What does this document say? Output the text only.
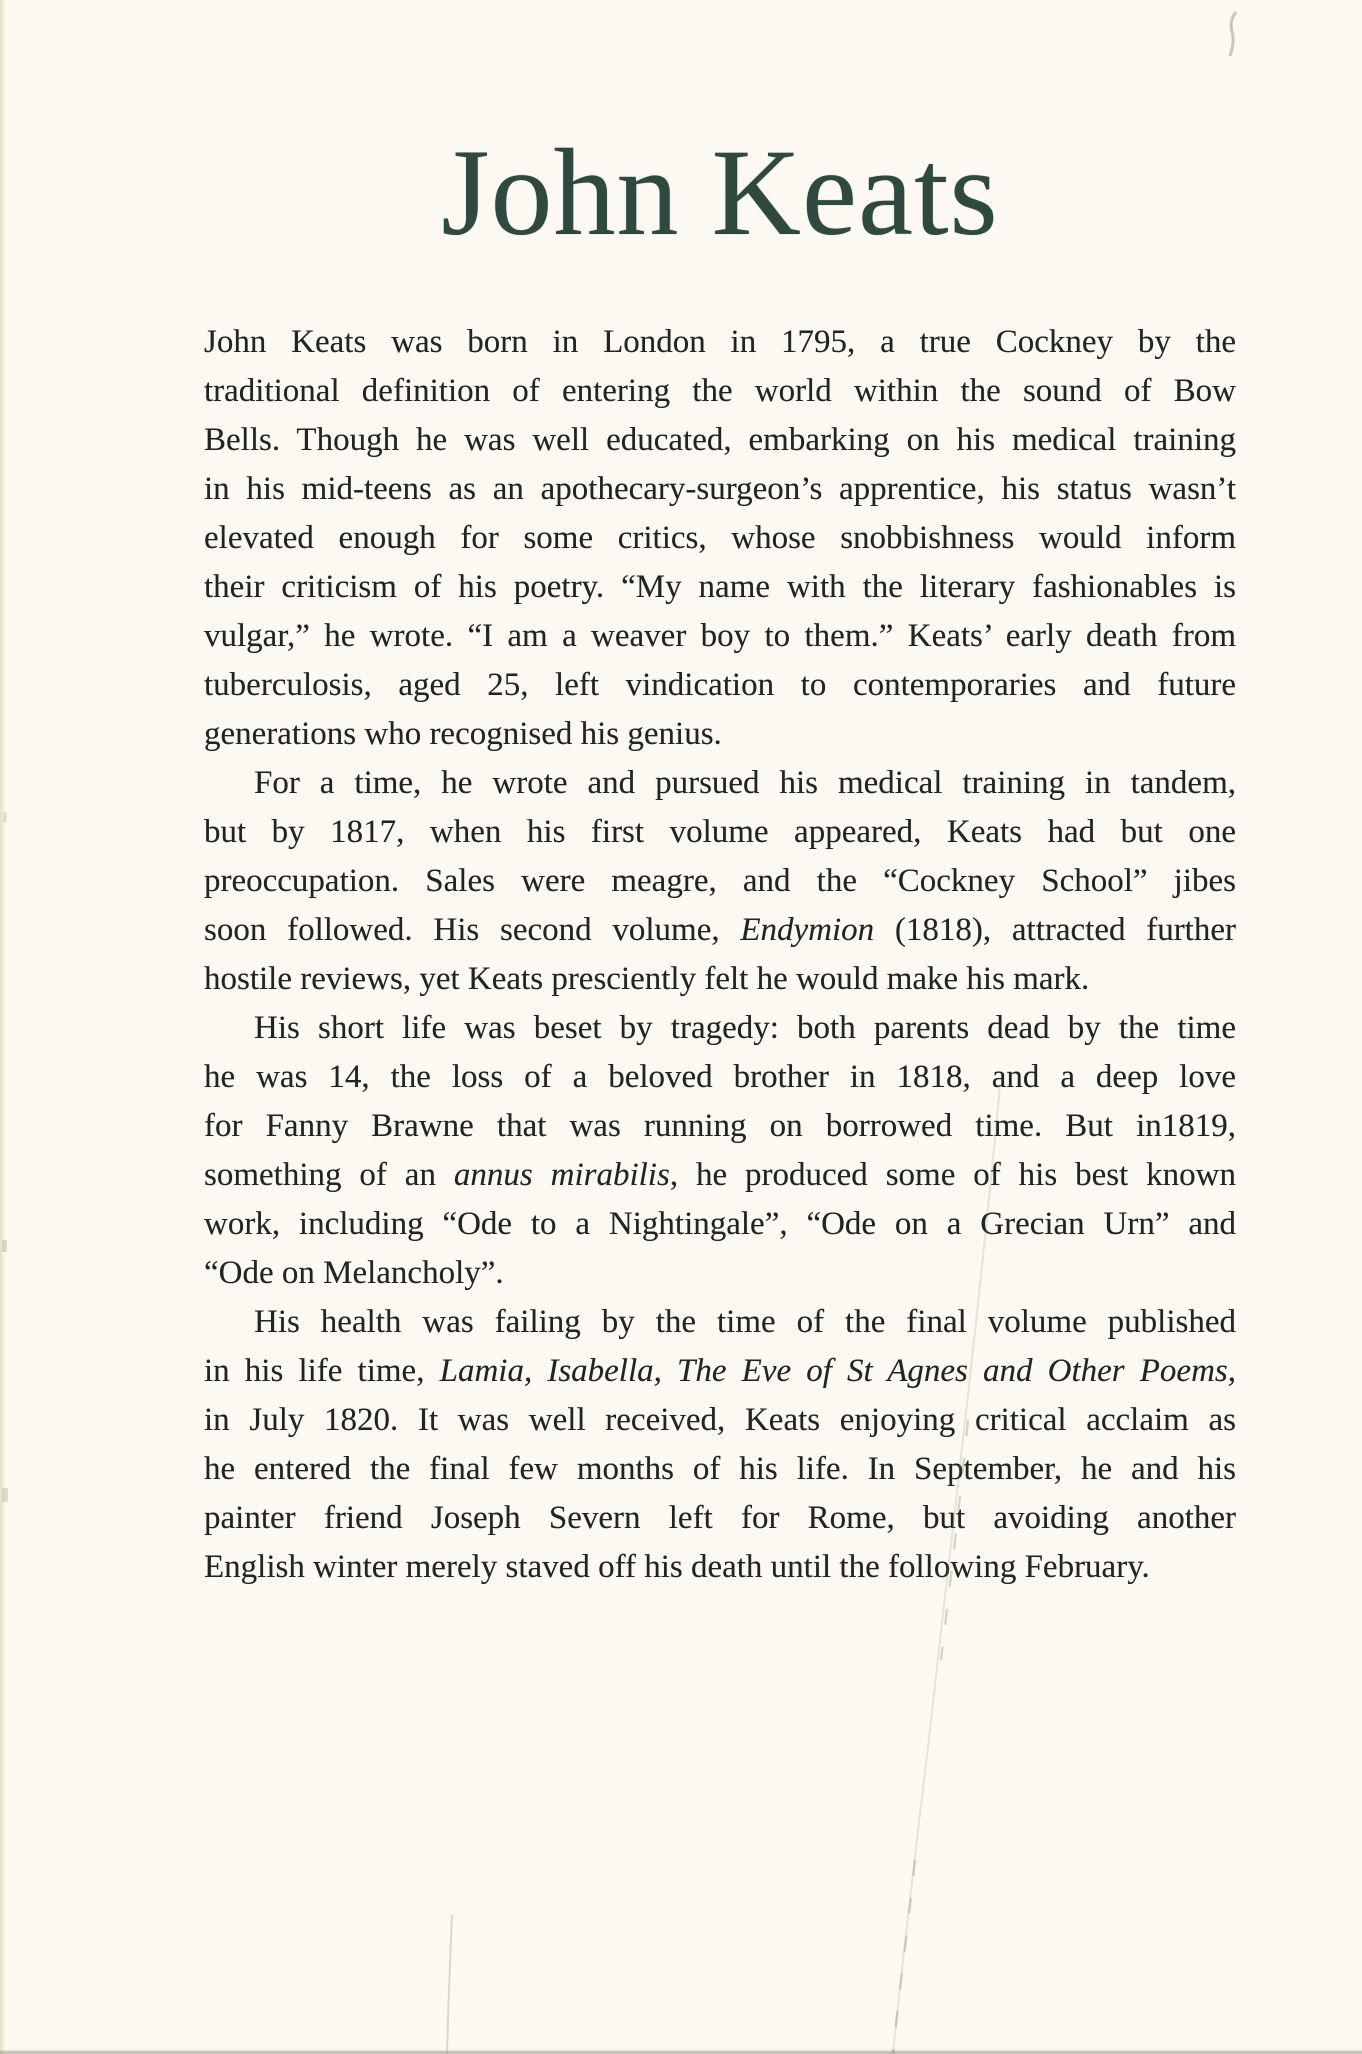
John Keats
John Keats was born in London in 1795, a true Cockney by the
traditional definition of entering the world within the sound of Bow
Bells. Though he was well educated, embarking on his medical training
in his mid-teens as an apothecary-surgeon’s apprentice, his status wasn’t
elevated enough for some critics, whose snobbishness would inform
their criticism of his poetry. “My name with the literary fashionables is
vulgar,” he wrote. “I am a weaver boy to them.” Keats’ early death from
tuberculosis, aged 25, left vindication to contemporaries and future
generations who recognised his genius.
For a time, he wrote and pursued his medical training in tandem,
but by 1817, when his first volume appeared, Keats had but one
preoccupation. Sales were meagre, and the “Cockney School” jibes
soon followed. His second volume, Endymion (1818), attracted further
hostile reviews, yet Keats presciently felt he would make his mark.
His short life was beset by tragedy: both parents dead by the time
he was 14, the loss of a beloved brother in 1818, and a deep love
for Fanny Brawne that was running on borrowed time. But in1819,
something of an annus mirabilis, he produced some of his best known
work, including “Ode to a Nightingale”, “Ode on a Grecian Urn” and
“Ode on Melancholy”.
His health was failing by the time of the final volume published
in his life time, Lamia, Isabella, The Eve of St Agnes and Other Poems,
in July 1820. It was well received, Keats enjoying critical acclaim as
he entered the final few months of his life. In September, he and his
painter friend Joseph Severn left for Rome, but avoiding another
English winter merely staved off his death until the following February.
